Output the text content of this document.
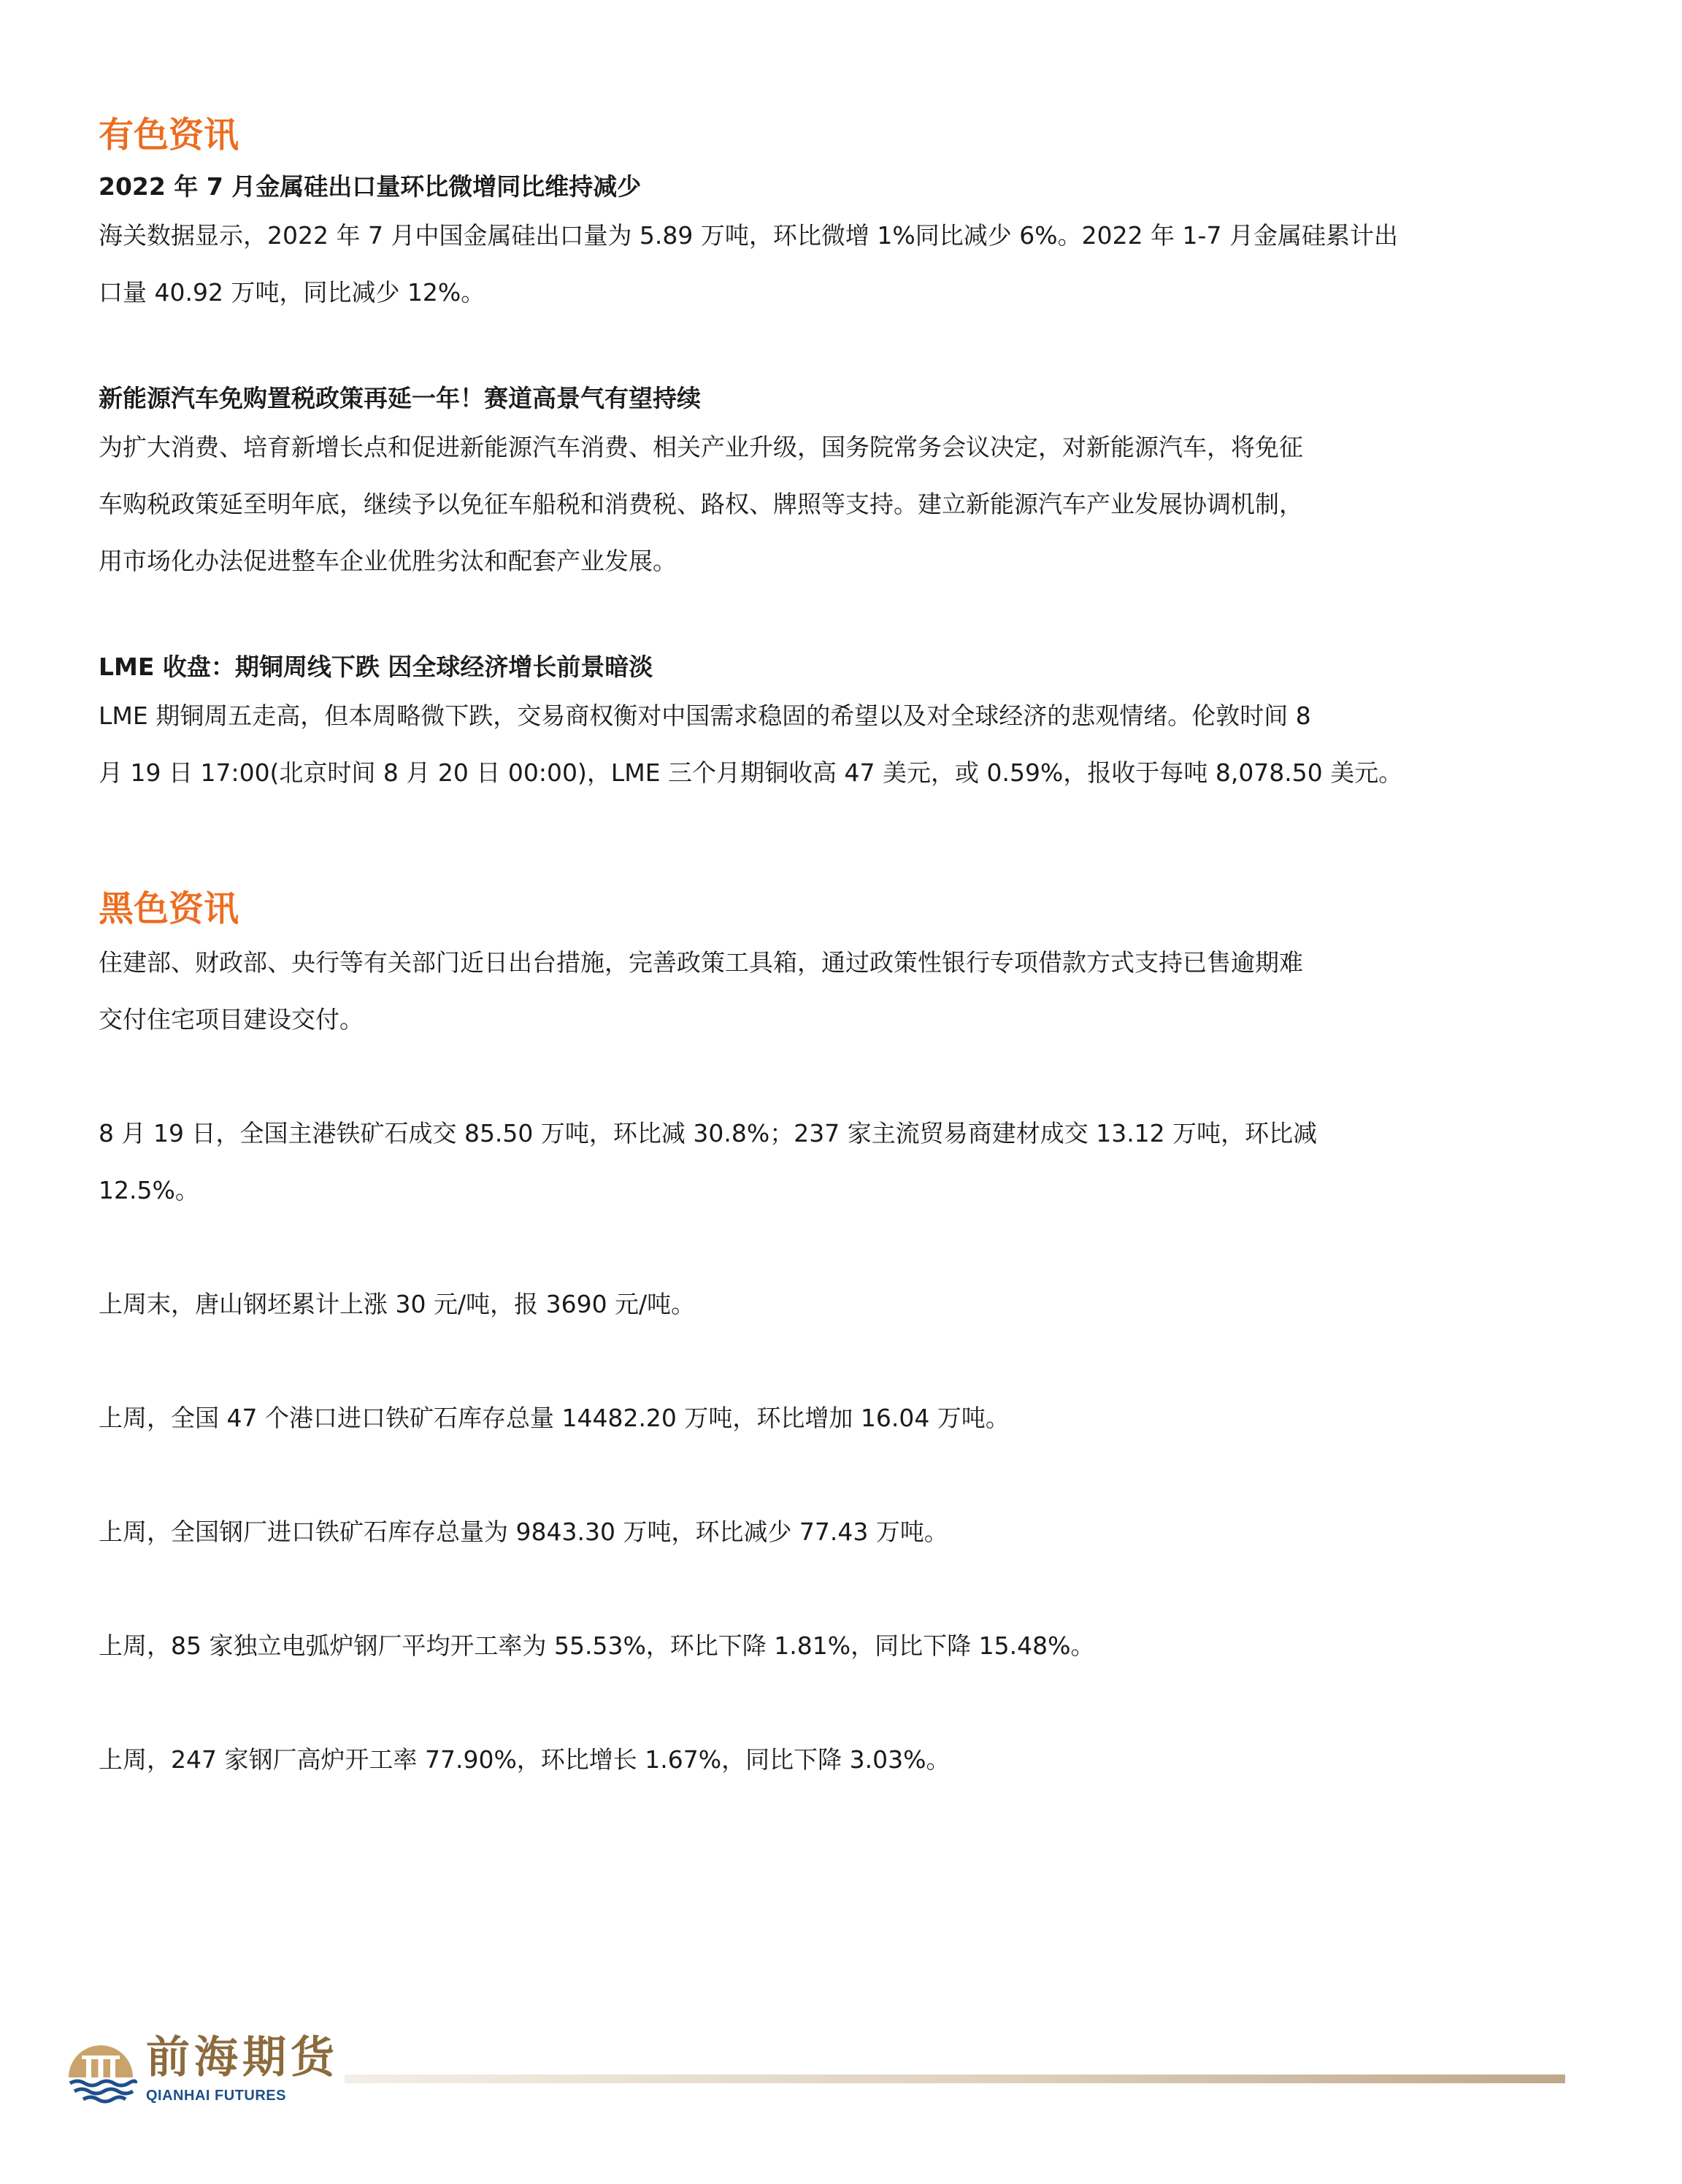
有色资讯

2022 年 7 月金属硅出口量环比微增同比维持减少

海关数据显示，2022 年 7 月中国金属硅出口量为 5.89 万吨，环比微增 1%同比减少 6%。2022 年 1-7 月金属硅累计出

口量 40.92 万吨，同比减少 12%。

新能源汽车免购置税政策再延一年！赛道高景气有望持续

为扩大消费、培育新增长点和促进新能源汽车消费、相关产业升级，国务院常务会议决定，对新能源汽车，将免征

车购税政策延至明年底，继续予以免征车船税和消费税、路权、牌照等支持。建立新能源汽车产业发展协调机制，

用市场化办法促进整车企业优胜劣汰和配套产业发展。

LME 收盘：期铜周线下跌 因全球经济增长前景暗淡

LME 期铜周五走高，但本周略微下跌，交易商权衡对中国需求稳固的希望以及对全球经济的悲观情绪。伦敦时间 8

月 19 日 17:00(北京时间 8 月 20 日 00:00)，LME 三个月期铜收高 47 美元，或 0.59%，报收于每吨 8,078.50 美元。

黑色资讯

住建部、财政部、央行等有关部门近日出台措施，完善政策工具箱，通过政策性银行专项借款方式支持已售逾期难

交付住宅项目建设交付。

8 月 19 日，全国主港铁矿石成交 85.50 万吨，环比减 30.8%；237 家主流贸易商建材成交 13.12 万吨，环比减

12.5%。

上周末，唐山钢坯累计上涨 30 元/吨，报 3690 元/吨。

上周，全国 47 个港口进口铁矿石库存总量 14482.20 万吨，环比增加 16.04 万吨。

上周，全国钢厂进口铁矿石库存总量为 9843.30 万吨，环比减少 77.43 万吨。

上周，85 家独立电弧炉钢厂平均开工率为 55.53%，环比下降 1.81%，同比下降 15.48%。

上周，247 家钢厂高炉开工率 77.90%，环比增长 1.67%，同比下降 3.03%。

前海期货
QIANHAI FUTURES
